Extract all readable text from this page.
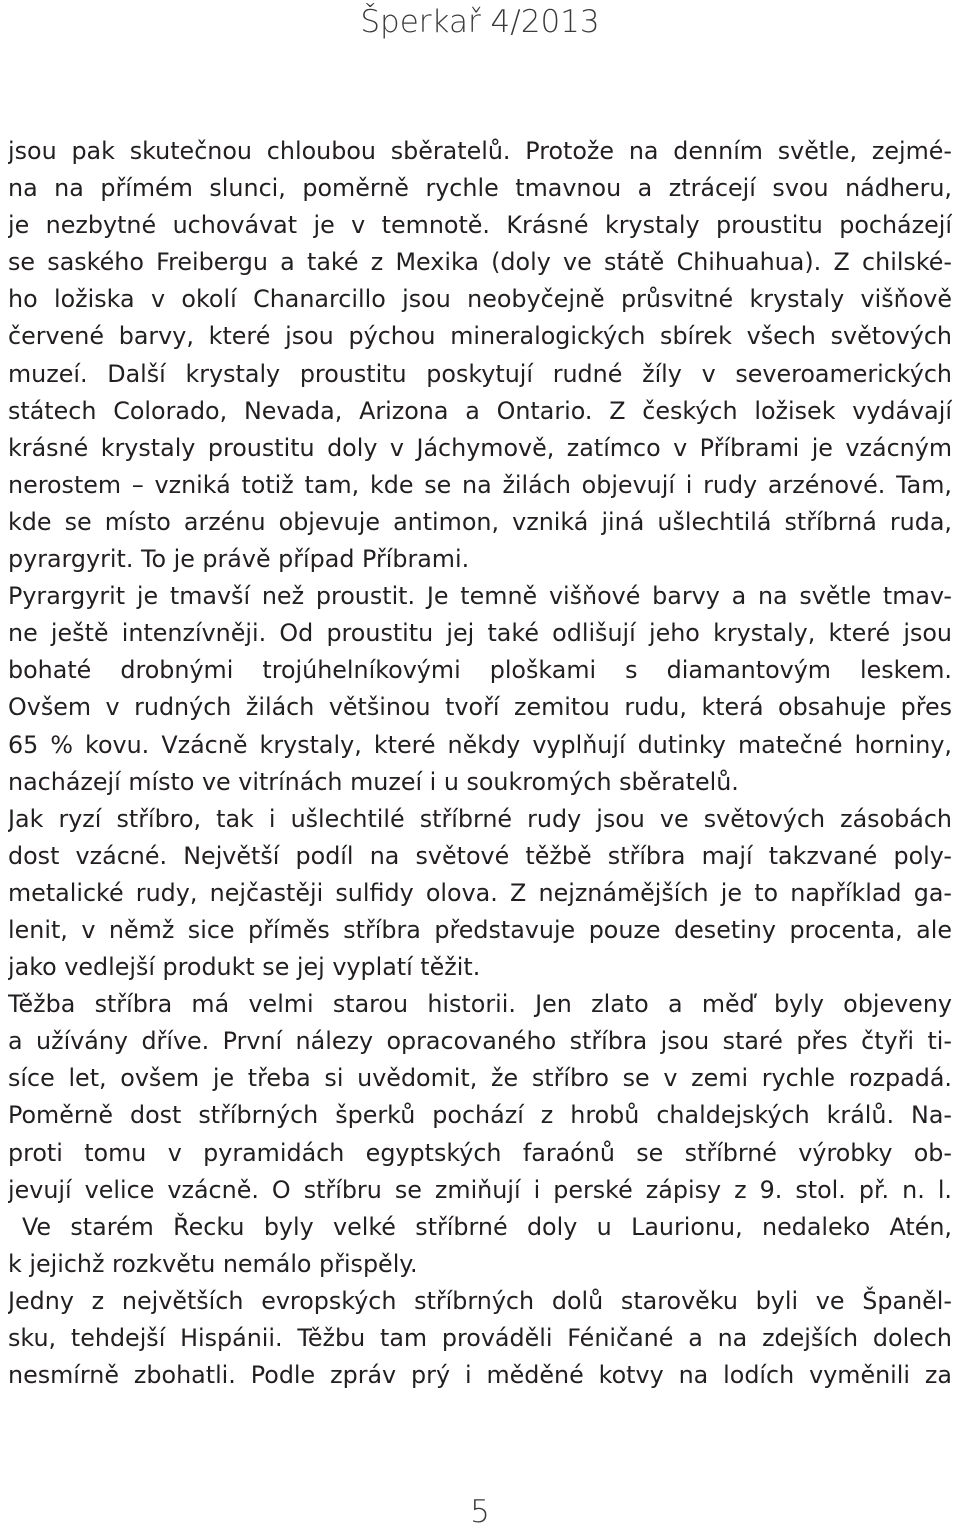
Šperkař 4/2013
jsou pak skutečnou chloubou sběratelů. Protože na denním světle, zejmé-
na na přímém slunci, poměrně rychle tmavnou a ztrácejí svou nádheru,
je nezbytné uchovávat je v temnotě. Krásné krystaly proustitu pocházejí
se saského Freibergu a také z Mexika (doly ve státě Chihuahua). Z chilské-
ho ložiska v okolí Chanarcillo jsou neobyčejně průsvitné krystaly višňově
červené barvy, které jsou pýchou mineralogických sbírek všech světových
muzeí. Další krystaly proustitu poskytují rudné žíly v severoamerických
státech Colorado, Nevada, Arizona a Ontario. Z českých ložisek vydávají
krásné krystaly proustitu doly v Jáchymově, zatímco v Příbrami je vzácným
nerostem – vzniká totiž tam, kde se na žilách objevují i rudy arzénové. Tam,
kde se místo arzénu objevuje antimon, vzniká jiná ušlechtilá stříbrná ruda,
pyrargyrit. To je právě případ Příbrami.
Pyrargyrit je tmavší než proustit. Je temně višňové barvy a na světle tmav-
ne ještě intenzívněji. Od proustitu jej také odlišují jeho krystaly, které jsou
bohaté drobnými trojúhelníkovými ploškami s diamantovým leskem.
Ovšem v rudných žilách většinou tvoří zemitou rudu, která obsahuje přes
65 % kovu. Vzácně krystaly, které někdy vyplňují dutinky matečné horniny,
nacházejí místo ve vitrínách muzeí i u soukromých sběratelů.
Jak ryzí stříbro, tak i ušlechtilé stříbrné rudy jsou ve světových zásobách
dost vzácné. Největší podíl na světové těžbě stříbra mají takzvané poly-
metalické rudy, nejčastěji sulfidy olova. Z nejznámějších je to například ga-
lenit, v němž sice příměs stříbra představuje pouze desetiny procenta, ale
jako vedlejší produkt se jej vyplatí těžit.
Těžba stříbra má velmi starou historii. Jen zlato a měď byly objeveny
a užívány dříve. První nálezy opracovaného stříbra jsou staré přes čtyři ti-
síce let, ovšem je třeba si uvědomit, že stříbro se v zemi rychle rozpadá.
Poměrně dost stříbrných šperků pochází z hrobů chaldejských králů. Na-
proti tomu v pyramidách egyptských faraónů se stříbrné výrobky ob-
jevují velice vzácně. O stříbru se zmiňují i perské zápisy z 9. stol. př. n. l.
Ve starém Řecku byly velké stříbrné doly u Laurionu, nedaleko Atén,
k jejichž rozkvětu nemálo přispěly.
Jedny z největších evropských stříbrných dolů starověku byli ve Španěl-
sku, tehdejší Hispánii. Těžbu tam prováděli Féničané a na zdejších dolech
nesmírně zbohatli. Podle zpráv prý i měděné kotvy na lodích vyměnili za
5
